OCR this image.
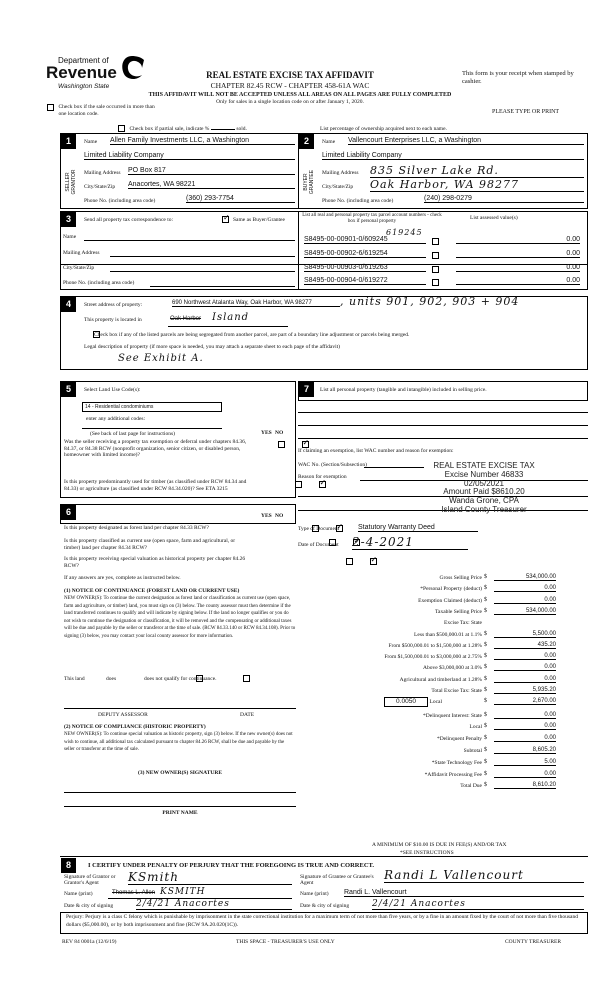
Department of
Revenue
Washington State
REAL ESTATE EXCISE TAX AFFIDAVIT
CHAPTER 82.45 RCW - CHAPTER 458-61A WAC
THIS AFFIDAVIT WILL NOT BE ACCEPTED UNLESS ALL AREAS ON ALL PAGES ARE FULLY COMPLETED
Only for sales in a single location code on or after January 1, 2020.
This form is your receipt when stamped by cashier.
PLEASE TYPE OR PRINT
Check box if the sale occurred in more than one location code.
Check box if partial sale, indicate %	sold.	List percentage of ownership acquired next to each name.
1	2
SELLER GRANTOR	BUYER GRANTEE
Name Allen Family Investments LLC, a Washington
Limited Liability Company
Mailing Address PO Box 817
City/State/Zip Anacortes, WA 98221
Phone No. (including area code)	(360) 293-7754
Name Vallencourt Enterprises LLC, a Washington
Limited Liability Company
Mailing Address 835 Silver Lake Rd.
City/State/Zip Oak Harbor, WA 98277
Phone No. (including area code)	(240) 298-0279
3	Send all property tax correspondence to:
✓	Same as Buyer/Grantee
Name
Mailing Address
List all real and personal property tax parcel account numbers - check box if personal property
List assessed value(s)
619245
S8495-00-00901-0/609245	0.00
City/State/Zip
Phone No. (including area code)
S8495-00-00902-6/619254	0.00
S8495-00-00903-0/619263	0.00
S8495-00-00904-0/619272	0.00
4	Street address of property:	690 Northwest Atalanta Way, Oak Harbor, WA 98277	, units 901, 902, 903 + 904
This property is located in	Oak Harbor Island

Check box if any of the listed parcels are being segregated from another parcel, are part of a boundary line adjustment or parcels being merged.
Legal description of property (if more space is needed, you may attach a separate sheet to each page of the affidavit)
See Exhibit A.
5	Select Land Use Code(s):
14 - Residential condominiums
enter any additional codes:
(See back of last page for instructions)	YES NO
Was the seller receiving a property tax exemption or deferral under chapters 84.36, 84.37, or 84.38 RCW (nonprofit organization, senior citizen, or disabled person, homeowner with limited income)?
✓
Is this property predominantly used for timber (as classified under RCW 84.34 and 84.33) or agriculture (as classified under RCW 84.34.020)? See ETA 3215
✓
6	YES NO
Is this property designated as forest land per chapter 84.33 RCW?
✓
Is this property classified as current use (open space, farm and agricultural, or timber) land per chapter 84.34 RCW?
✓
Is this property receiving special valuation as historical property per chapter 84.26 RCW?
✓
If any answers are yes, complete as instructed below.
(1) NOTICE OF CONTINUANCE (FOREST LAND OR CURRENT USE)
NEW OWNER(S): To continue the current designation as forest land or classification as current use (open space, farm and agriculture, or timber) land, you must sign on (3) below. The county assessor must then determine if the land transferred continues to qualify and will indicate by signing below. If the land no longer qualifies or you do not wish to continue the designation or classification, it will be removed and the compensating or additional taxes will be due and payable by the seller or transferor at the time of sale. (RCW 84.33.140 or RCW 84.34.108). Prior to signing (3) below, you may contact your local county assessor for more information.
This land
	does	does not qualify for continuance.
DEPUTY ASSESSOR	DATE
(2) NOTICE OF COMPLIANCE (HISTORIC PROPERTY)
NEW OWNER(S): To continue special valuation as historic property, sign (3) below. If the new owner(s) does not wish to continue, all additional tax calculated pursuant to chapter 84.26 RCW, shall be due and payable by the seller or transferor at the time of sale.
(3) NEW OWNER(S) SIGNATURE
PRINT NAME
7	List all personal property (tangible and intangible) included in selling price.
If claiming an exemption, list WAC number and reason for exemption:
WAC No. (Section/Subsection)
Reason for exemption
REAL ESTATE EXCISE TAX
Excise Number 46833
02/05/2021
Amount Paid $8610.20
Wanda Grone, CPA
Island County Treasurer
Type of Document	Statutory Warranty Deed
Date of Document 2-4-2021
Gross Selling Price $	534,000.00
*Personal Property (deduct) $	0.00
Exemption Claimed (deduct) $	0.00
Taxable Selling Price $	534,000.00
Excise Tax: State
Less than $500,000.01 at 1.1% $	5,500.00
From $500,000.01 to $1,500,000 at 1.28% $	435.20
From $1,500,000.01 to $3,000,000 at 2.75% $	0.00
Above $3,000,000 at 3.0% $	0.00
Agricultural and timberland at 1.28% $	0.00
Total Excise Tax: State $	5,935.20
0.0050	Local	$	2,670.00
*Delinquent Interest: State $	0.00
Local $	0.00
*Delinquent Penalty $	0.00
Subtotal $	8,605.20
*State Technology Fee $	5.00
*Affidavit Processing Fee $	0.00
Total Due $	8,610.20
A MINIMUM OF $10.00 IS DUE IN FEE(S) AND/OR TAX
*SEE INSTRUCTIONS
8	I CERTIFY UNDER PENALTY OF PERJURY THAT THE FOREGOING IS TRUE AND CORRECT.
Signature of Grantor or Grantor's Agent	KSmith
Name (print)	Thomas L. Allen KSMITH
Date & city of signing	2/4/21 Anacortes
Signature of Grantee or Grantee's Agent
Randi L Vallencourt
Name (print) Randi L. Vallencourt
Date & city of signing	2/4/21 Anacortes
Perjury: Perjury is a class C felony which is punishable by imprisonment in the state correctional institution for a maximum term of not more than five years, or by a fine in an amount fixed by the court of not more than five thousand dollars ($5,000.00), or by both imprisonment and fine (RCW 9A.20.020(1C)).
REV 84 0001a (12/6/19)	THIS SPACE - TREASURER'S USE ONLY	COUNTY TREASURER
